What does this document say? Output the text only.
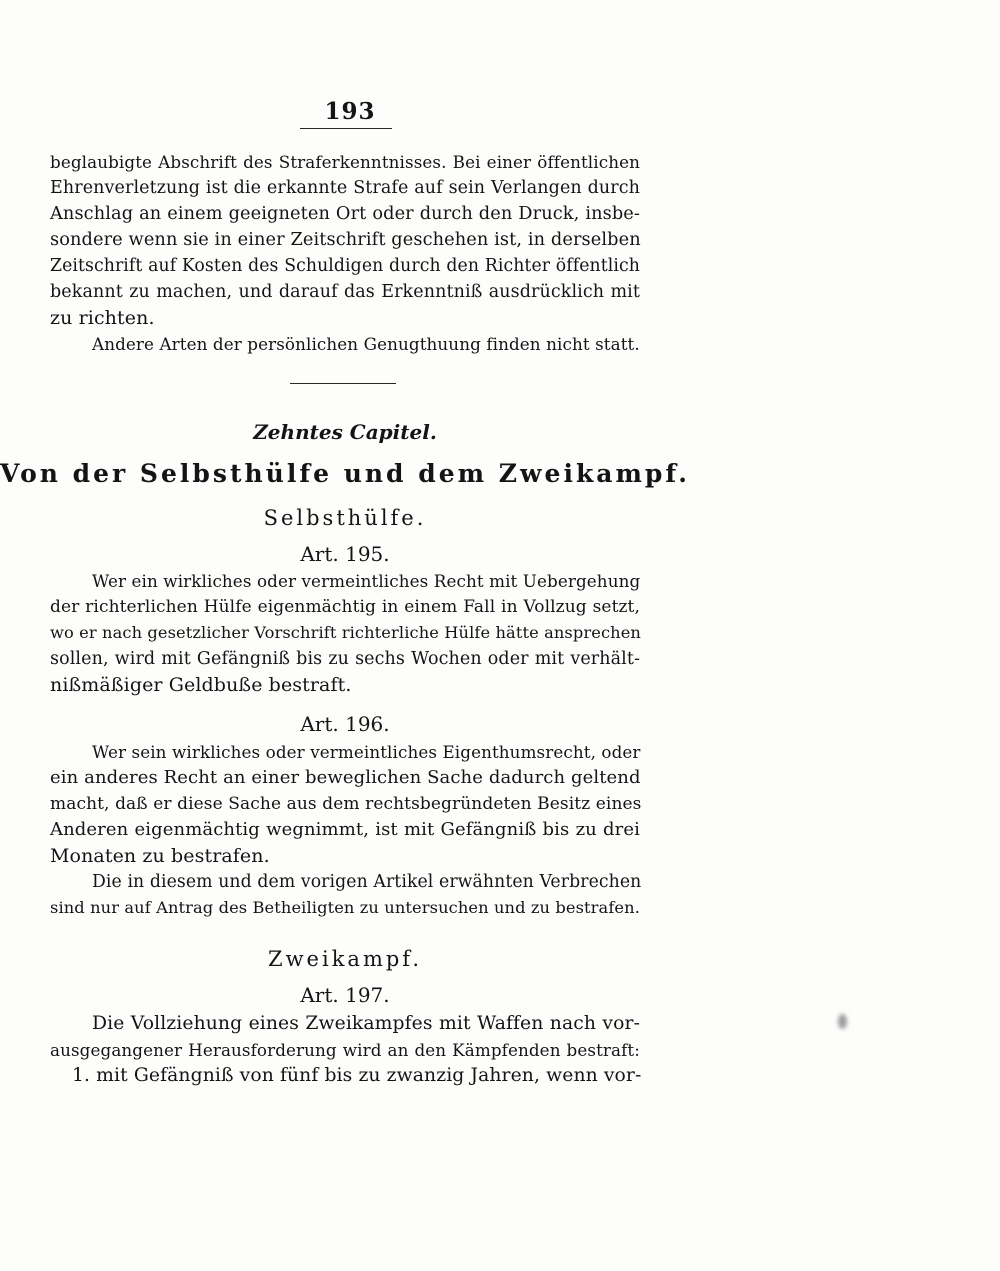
193
beglaubigte Abschrift des Straferkenntnisses. Bei einer öffentlichen
Ehrenverletzung ist die erkannte Strafe auf sein Verlangen durch
Anschlag an einem geeigneten Ort oder durch den Druck, insbe-
sondere wenn sie in einer Zeitschrift geschehen ist, in derselben
Zeitschrift auf Kosten des Schuldigen durch den Richter öffentlich
bekannt zu machen, und darauf das Erkenntniß ausdrücklich mit
zu richten.
Andere Arten der persönlichen Genugthuung finden nicht statt.
Zehntes Capitel.
Von der Selbsthülfe und dem Zweikampf.
Selbsthülfe.
Art. 195.
Wer ein wirkliches oder vermeintliches Recht mit Uebergehung
der richterlichen Hülfe eigenmächtig in einem Fall in Vollzug setzt,
wo er nach gesetzlicher Vorschrift richterliche Hülfe hätte ansprechen
sollen, wird mit Gefängniß bis zu sechs Wochen oder mit verhält-
nißmäßiger Geldbuße bestraft.
Art. 196.
Wer sein wirkliches oder vermeintliches Eigenthumsrecht, oder
ein anderes Recht an einer beweglichen Sache dadurch geltend
macht, daß er diese Sache aus dem rechtsbegründeten Besitz eines
Anderen eigenmächtig wegnimmt, ist mit Gefängniß bis zu drei
Monaten zu bestrafen.
Die in diesem und dem vorigen Artikel erwähnten Verbrechen
sind nur auf Antrag des Betheiligten zu untersuchen und zu bestrafen.
Zweikampf.
Art. 197.
Die Vollziehung eines Zweikampfes mit Waffen nach vor-
ausgegangener Herausforderung wird an den Kämpfenden bestraft:
1. mit Gefängniß von fünf bis zu zwanzig Jahren, wenn vor-
